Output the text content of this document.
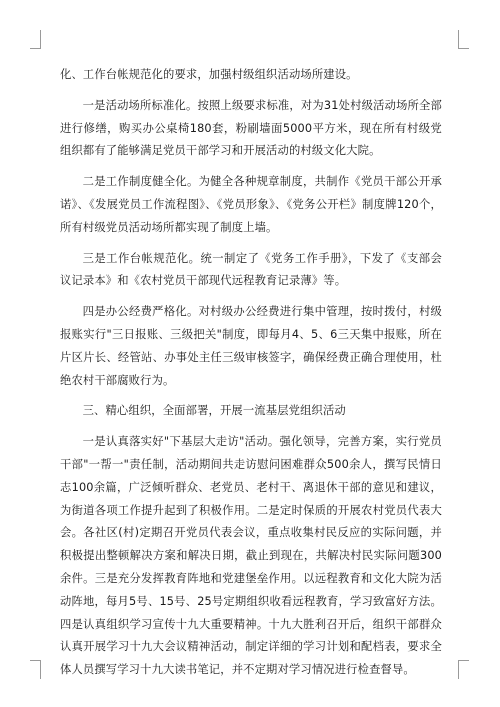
化、工作台帐规范化的要求，加强村级组织活动场所建设。

一是活动场所标准化。按照上级要求标准，对为31处村级活动场所全部进行修缮，购买办公桌椅180套，粉刷墙面5000平方米，现在所有村级党组织都有了能够满足党员干部学习和开展活动的村级文化大院。

二是工作制度健全化。为健全各种规章制度，共制作《党员干部公开承诺》、《发展党员工作流程图》、《党员形象》、《党务公开栏》制度牌120个，所有村级党员活动场所都实现了制度上墙。

三是工作台帐规范化。统一制定了《党务工作手册》，下发了《支部会议记录本》和《农村党员干部现代远程教育记录薄》等。

四是办公经费严格化。对村级办公经费进行集中管理，按时拨付，村级报账实行"三日报账、三级把关"制度，即每月4、5、6三天集中报账，所在片区片长、经管站、办事处主任三级审核签字，确保经费正确合理使用，杜绝农村干部腐败行为。

三、精心组织，全面部署，开展一流基层党组织活动

一是认真落实好"下基层大走访"活动。强化领导，完善方案，实行党员干部"一帮一"责任制，活动期间共走访慰问困难群众500余人，撰写民情日志100余篇，广泛倾听群众、老党员、老村干、离退休干部的意见和建议，为街道各项工作提升起到了积极作用。二是定时保质的开展农村党员代表大会。各社区(村)定期召开党员代表会议，重点收集村民反应的实际问题，并积极提出整顿解决方案和解决日期，截止到现在，共解决村民实际问题300余件。三是充分发挥教育阵地和党建堡垒作用。以远程教育和文化大院为活动阵地，每月5号、15号、25号定期组织收看远程教育，学习致富好方法。四是认真组织学习宣传十九大重要精神。十九大胜利召开后，组织干部群众认真开展学习十九大会议精神活动，制定详细的学习计划和配档表，要求全体人员撰写学习十九大读书笔记，并不定期对学习情况进行检查督导。
